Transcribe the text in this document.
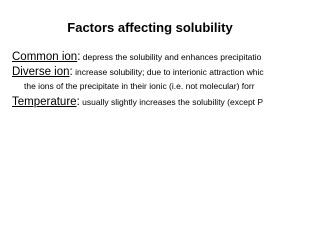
Factors affecting solubility
Common ion: depress the solubility and enhances precipitatio
Diverse ion: increase solubility; due to interionic attraction whic
the ions of the precipitate in their ionic (i.e. not molecular) forr
Temperature: usually slightly increases the solubility (except P
